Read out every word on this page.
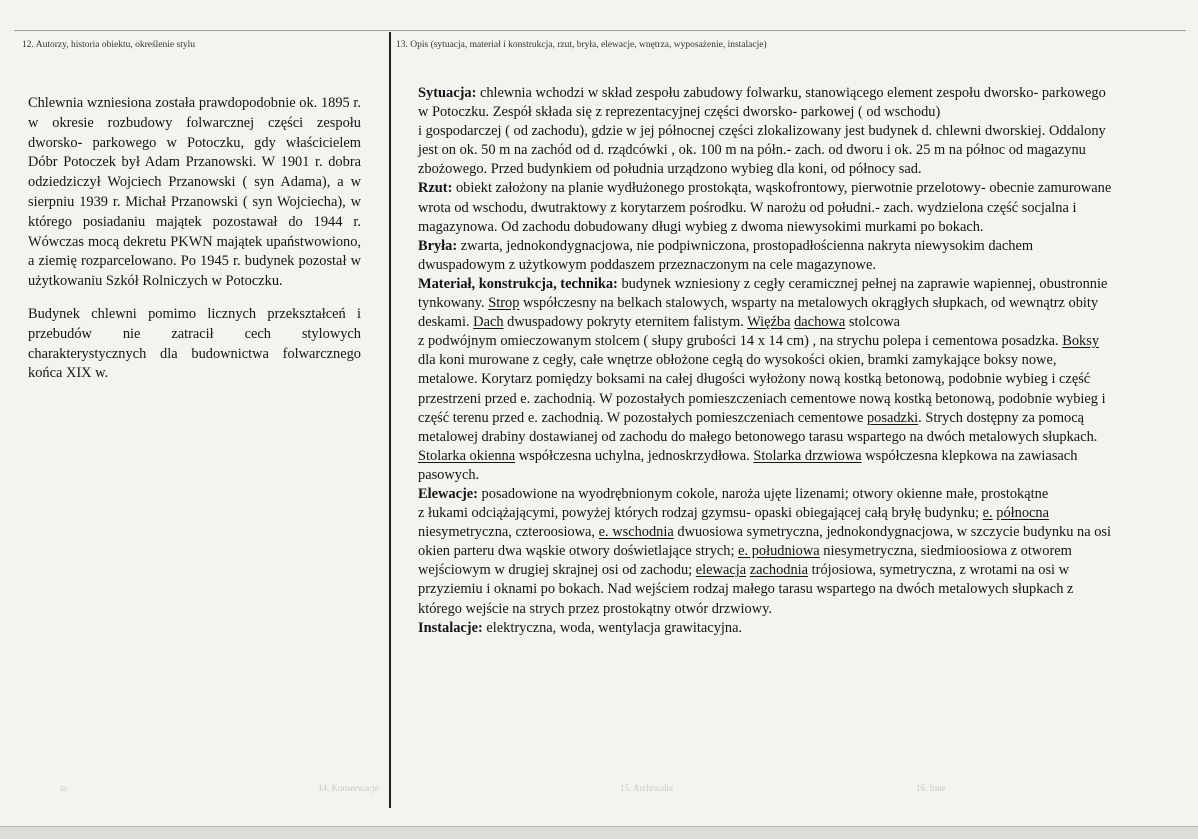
12. Autorzy, historia obiektu, określenie stylu	13. Opis (sytuacja, materiał i konstrukcja, rzut, bryła, elewacje, wnętrza, wyposażenie, instalacje)

Chlewnia wzniesiona została prawdopodobnie ok. 1895 r. w okresie rozbudowy folwarcznej części zespołu dworsko- parkowego w Potoczku, gdy właścicielem Dóbr Potoczek był Adam Przanowski. W 1901 r. dobra odziedziczył Wojciech Przanowski ( syn Adama), a w sierpniu 1939 r. Michał Przanowski ( syn Wojciecha), w którego posiadaniu majątek pozostawał do 1944 r. Wówczas mocą dekretu PKWN majątek upaństwowiono, a ziemię rozparcelowano. Po 1945 r. budynek pozostał w użytkowaniu Szkół Rolniczych w Potoczku.

Budynek chlewni pomimo licznych przekształceń i przebudów nie zatracił cech stylowych charakterystycznych dla budownictwa folwarcznego końca XIX w.

Sytuacja: chlewnia wchodzi w skład zespołu zabudowy folwarku, stanowiącego element zespołu dworsko- parkowego w Potoczku. Zespół składa się z reprezentacyjnej części dworsko- parkowej ( od wschodu)
i gospodarczej ( od zachodu), gdzie w jej północnej części zlokalizowany jest budynek d. chlewni dworskiej. Oddalony jest on ok. 50 m na zachód od d. rządcówki , ok. 100 m na półn.- zach. od dworu i ok. 25 m na północ od magazynu zbożowego. Przed budynkiem od południa urządzono wybieg dla koni, od północy sad.

Rzut: obiekt założony na planie wydłużonego prostokąta, wąskofrontowy, pierwotnie przelotowy- obecnie zamurowane wrota od wschodu, dwutraktowy z korytarzem pośrodku. W narożu od południ.- zach. wydzielona część socjalna i magazynowa. Od zachodu dobudowany długi wybieg z dwoma niewysokimi murkami po bokach.

Bryła: zwarta, jednokondygnacjowa, nie podpiwniczona, prostopadłościenna nakryta niewysokim dachem dwuspadowym z użytkowym poddaszem przeznaczonym na cele magazynowe.

Materiał, konstrukcja, technika: budynek wzniesiony z cegły ceramicznej pełnej na zaprawie wapiennej, obustronnie tynkowany. Strop współczesny na belkach stalowych, wsparty na metalowych okrągłych słupkach, od wewnątrz obity deskami. Dach dwuspadowy pokryty eternitem falistym. Więźba dachowa stolcowa
z podwójnym omieczowanym stolcem ( słupy grubości 14 x 14 cm) , na strychu polepa i cementowa posadzka. Boksy dla koni murowane z cegły, całe wnętrze obłożone cegłą do wysokości okien, bramki zamykające boksy nowe, metalowe. Korytarz pomiędzy boksami na całej długości wyłożony nową kostką betonową, podobnie wybieg i część przestrzeni przed e. zachodnią. W pozostałych pomieszczeniach cementowe nową kostką betonową, podobnie wybieg i część terenu przed e. zachodnią. W pozostałych pomieszczeniach cementowe posadzki. Strych dostępny za pomocą metalowej drabiny dostawianej od zachodu do małego betonowego tarasu wspartego na dwóch metalowych słupkach. Stolarka okienna współczesna uchylna, jednoskrzydłowa. Stolarka drzwiowa współczesna klepkowa na zawiasach pasowych.

Elewacje: posadowione na wyodrębnionym cokole, naroża ujęte lizenami; otwory okienne małe, prostokątne
z łukami odciążającymi, powyżej których rodzaj gzymsu- opaski obiegającej całą bryłę budynku; e. północna niesymetryczna, czteroosiowa, e. wschodnia dwuosiowa symetryczna, jednokondygnacjowa, w szczycie budynku na osi okien parteru dwa wąskie otwory doświetlające strych; e. południowa niesymetryczna, siedmioosiowa z otworem wejściowym w drugiej skrajnej osi od zachodu; elewacja zachodnia trójosiowa, symetryczna, z wrotami na osi w przyziemiu i oknami po bokach. Nad wejściem rodzaj małego tarasu wspartego na dwóch metalowych słupkach z którego wejście na strych przez prostokątny otwór drzwiowy.

Instalacje: elektryczna, woda, wentylacja grawitacyjna.

ta	14. Konserwacje	15. Archiwalia	16. Inne
